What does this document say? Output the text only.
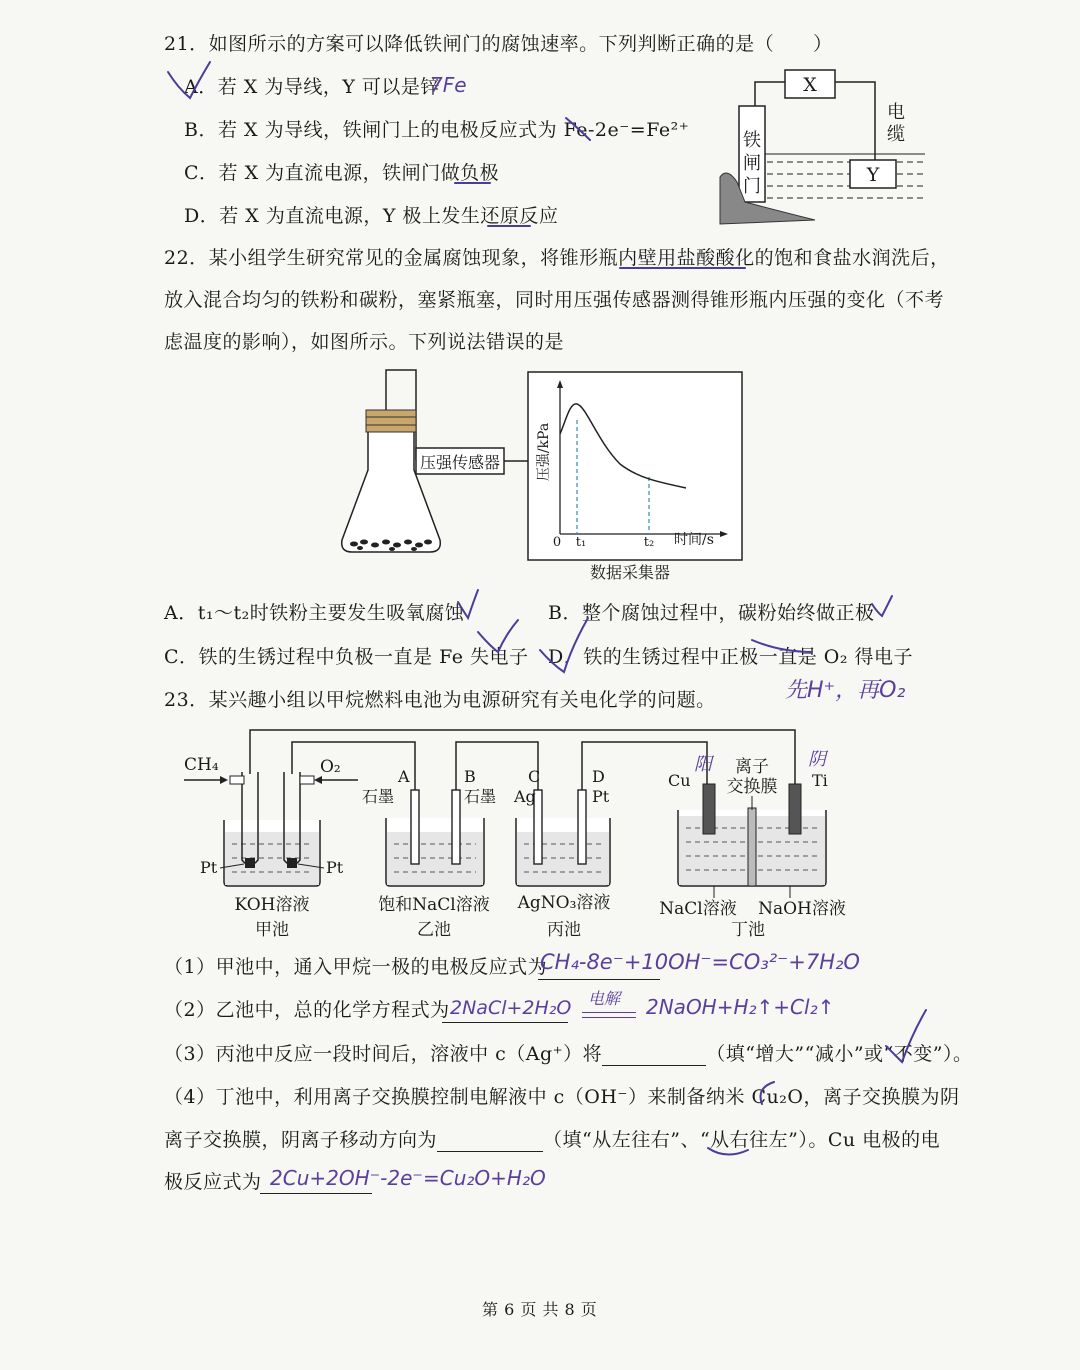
21．如图所示的方案可以降低铁闸门的腐蚀速率。下列判断正确的是（　　）
A．若 X 为导线，Y 可以是锌
7Fe
B．若 X 为导线，铁闸门上的电极反应式为 Fe-2e⁻=Fe²⁺
C．若 X 为直流电源，铁闸门做负极
D．若 X 为直流电源，Y 极上发生还原反应
X
铁
闸
门
Y
电
缆
22．某小组学生研究常见的金属腐蚀现象，将锥形瓶内壁用盐酸酸化的饱和食盐水润洗后，
放入混合均匀的铁粉和碳粉，塞紧瓶塞，同时用压强传感器测得锥形瓶内压强的变化（不考
虑温度的影响），如图所示。下列说法错误的是
压强传感器
数据采集器
压强/kPa
时间/s
0 t₁	t₂
A．t₁～t₂时铁粉主要发生吸氧腐蚀	B．整个腐蚀过程中，碳粉始终做正极
C．铁的生锈过程中负极一直是 Fe 失电子 D．铁的生锈过程中正极一直是 O₂ 得电子
先H⁺，再O₂
23．某兴趣小组以甲烷燃料电池为电源研究有关电化学的问题。
CH₄	O₂
Pt	Pt
KOH溶液
甲池
A	B
石墨	石墨
饱和NaCl溶液
乙池
C	D
Ag	Pt
AgNO₃溶液
丙池
Cu	Ti
离子
交换膜
NaCl溶液 NaOH溶液
丁池
阳	阴
（1）甲池中，通入甲烷一极的电极反应式为
CH₄-8e⁻+10OH⁻=CO₃²⁻+7H₂O
（2）乙池中，总的化学方程式为 2NaCl+2H₂O 电解 2NaOH+H₂↑+Cl₂↑
（3）丙池中反应一段时间后，溶液中 c（Ag⁺）将	（填“增大”“减小”或“不变”）。
（4）丁池中，利用离子交换膜控制电解液中 c（OH⁻）来制备纳米 Cu₂O，离子交换膜为阴
离子交换膜，阴离子移动方向为	（填“从左往右”、“从右往左”）。Cu 电极的电
极反应式为 2Cu+2OH⁻-2e⁻=Cu₂O+H₂O
第 6 页 共 8 页
